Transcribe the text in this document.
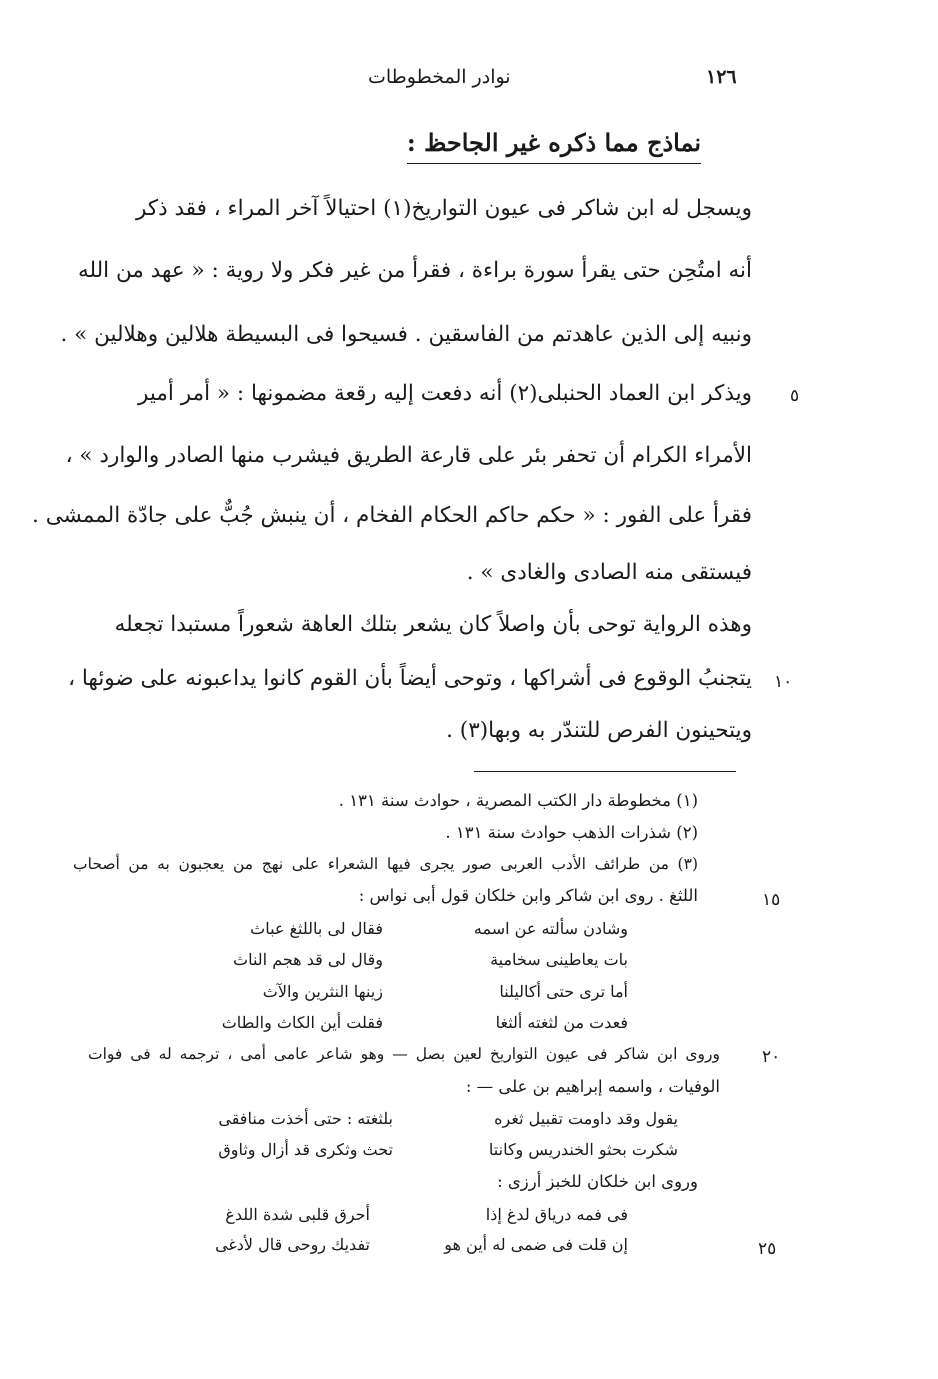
١٢٦
نوادر المخطوطات
نماذج مما ذكره غير الجاحظ :
ويسجل له ابن شاكر فى عيون التواريخ(١) احتيالاً آخر المراء ، فقد ذكر
أنه امتُحِن حتى يقرأ سورة براءة ، فقرأ من غير فكر ولا روية : « عهد من الله
ونبيه إلى الذين عاهدتم من الفاسقين . فسيحوا فى البسيطة هلالين وهلالين » .
ويذكر ابن العماد الحنبلى(٢) أنه دفعت إليه رقعة مضمونها : « أمر أمير
الأمراء الكرام أن تحفر بئر على قارعة الطريق فيشرب منها الصادر والوارد » ،
فقرأ على الفور : « حكم حاكم الحكام الفخام ، أن ينبش جُبٌّ على جادّة الممشى .
فيستقى منه الصادى والغادى » .
وهذه الرواية توحى بأن واصلاً كان يشعر بتلك العاهة شعوراً مستبدا تجعله
يتجنبُ الوقوع فى أشراكها ، وتوحى أيضاً بأن القوم كانوا يداعبونه على ضوئها ،
ويتحينون الفرص للتندّر به وبها(٣) .
٥
١٠
(١) مخطوطة دار الكتب المصرية ، حوادث سنة ١٣١ .
(٢) شذرات الذهب حوادث سنة ١٣١ .
(٣) من طرائف الأدب العربى صور يجرى فيها الشعراء على نهج من يعجبون به من أصحاب
اللثغ . روى ابن شاكر وابن خلكان قول أبى نواس :	١٥
وشادن سألته عن اسمه
فقال لى باللثغ عباث
بات يعاطينى سخامية
وقال لى قد هجم الناث
أما ترى حتى أكاليلنا
زينها النثرين والآث
فعدت من لثغته ألثغا
فقلت أين الكاث والطاث
وروى ابن شاكر فى عيون التواريخ لعين بصل — وهو شاعر عامى أمى ، ترجمه له فى فوات ٢٠
الوفيات ، واسمه إبراهيم بن على — :
يقول وقد داومت تقبيل ثغره
بلثغته : حتى أخذت منافقى
شكرت بحثو الخندريس وكانتا
تحث وثكرى قد أزال وثاوق
وروى ابن خلكان للخبز أرزى :
فى فمه درياق لدغ إذا
أحرق قلبى شدة اللدغ
إن قلت فى ضمى له أين هو
تفديك روحى قال لأدغى	٢٥
